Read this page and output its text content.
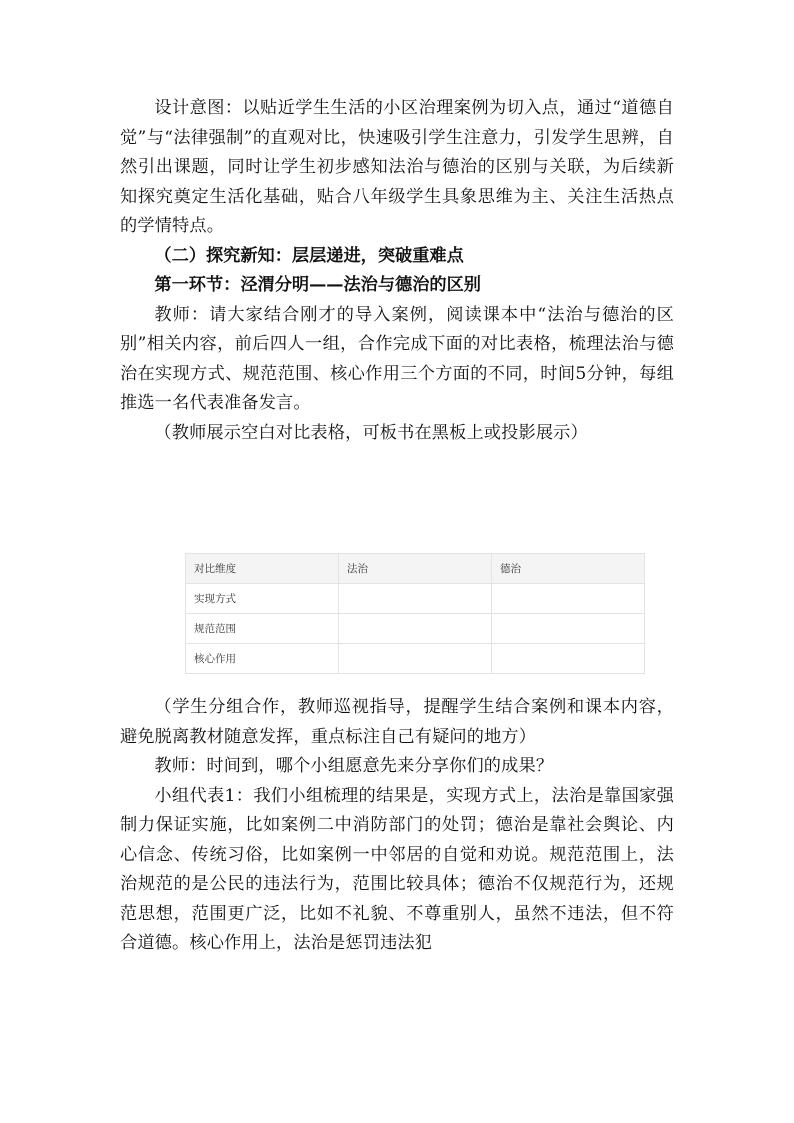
设计意图：以贴近学生生活的小区治理案例为切入点，通过“道德自觉”与“法律强制”的直观对比，快速吸引学生注意力，引发学生思辨，自然引出课题，同时让学生初步感知法治与德治的区别与关联，为后续新知探究奠定生活化基础，贴合八年级学生具象思维为主、关注生活热点的学情特点。

（二）探究新知：层层递进，突破重难点

第一环节：泾渭分明——法治与德治的区别

教师：请大家结合刚才的导入案例，阅读课本中“法治与德治的区别”相关内容，前后四人一组，合作完成下面的对比表格，梳理法治与德治在实现方式、规范范围、核心作用三个方面的不同，时间5分钟，每组推选一名代表准备发言。

（教师展示空白对比表格，可板书在黑板上或投影展示）

对比维度	法治	德治
实现方式		
规范范围		
核心作用		

（学生分组合作，教师巡视指导，提醒学生结合案例和课本内容，避免脱离教材随意发挥，重点标注自己有疑问的地方）

教师：时间到，哪个小组愿意先来分享你们的成果？

小组代表1：我们小组梳理的结果是，实现方式上，法治是靠国家强制力保证实施，比如案例二中消防部门的处罚；德治是靠社会舆论、内心信念、传统习俗，比如案例一中邻居的自觉和劝说。规范范围上，法治规范的是公民的违法行为，范围比较具体；德治不仅规范行为，还规范思想，范围更广泛，比如不礼貌、不尊重别人，虽然不违法，但不符合道德。核心作用上，法治是惩罚违法犯
